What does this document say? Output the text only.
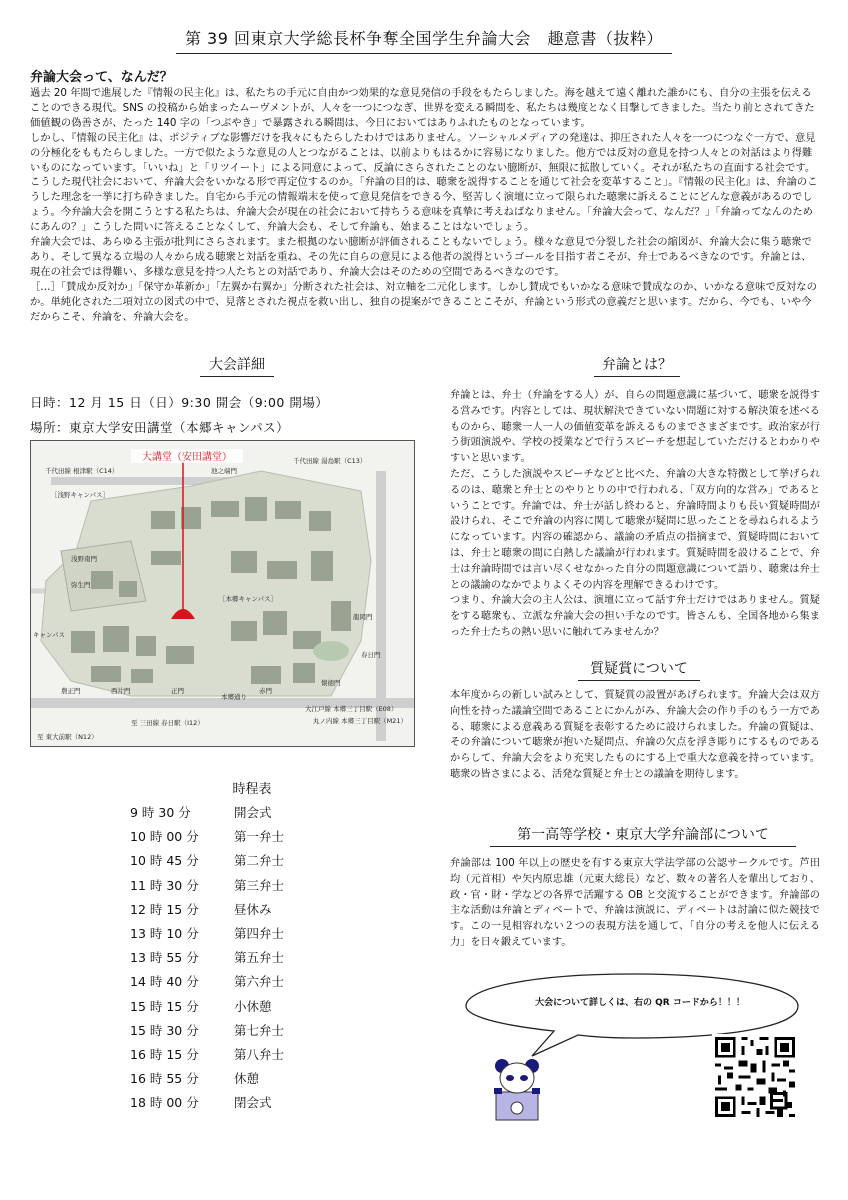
第 39 回東京大学総長杯争奪全国学生弁論大会　趣意書（抜粋）
弁論大会って、なんだ？

過去 20 年間で進展した『情報の民主化』は、私たちの手元に自由かつ効果的な意見発信の手段をもたらしました。海を越えて遠く離れた誰かにも、自分の主張を伝えることのできる現代。SNS の投稿から始まったムーヴメントが、人々を一つにつなぎ、世界を変える瞬間を、私たちは幾度となく目撃してきました。当たり前とされてきた価値観の偽善さが、たった 140 字の「つぶやき」で暴露される瞬間は、今日においてはありふれたものとなっています。

しかし、『情報の民主化』は、ポジティブな影響だけを我々にもたらしたわけではありません。ソーシャルメディアの発達は、抑圧された人々を一つにつなぐ一方で、意見の分極化をももたらしました。一方で似たような意見の人とつながることは、以前よりもはるかに容易になりました。他方では反対の意見を持つ人々との対話はより得難いものになっています。「いいね」と「リツイート」による同意によって、反論にさらされたことのない臆断が、無限に拡散していく。それが私たちの直面する社会です。

こうした現代社会において、弁論大会をいかなる形で再定位するのか。「弁論の目的は、聴衆を説得することを通じて社会を変革すること」。『情報の民主化』は、弁論のこうした理念を一挙に打ち砕きました。自宅から手元の情報端末を使って意見発信をできる今、堅苦しく演壇に立って限られた聴衆に訴えることにどんな意義があるのでしょう。今弁論大会を開こうとする私たちは、弁論大会が現在の社会において持ちうる意味を真摯に考えねばなりません。「弁論大会って、なんだ？」「弁論ってなんのためにあんの？」こうした問いに答えることなくして、弁論大会も、そして弁論も、始まることはないでしょう。

弁論大会では、あらゆる主張が批判にさらされます。また根拠のない臆断が評価されることもないでしょう。様々な意見で分裂した社会の縮図が、弁論大会に集う聴衆であり、そして異なる立場の人々から成る聴衆と対話を重ね、その先に自らの意見による他者の説得というゴールを目指す者こそが、弁士であるべきなのです。弁論とは、現在の社会では得難い、多様な意見を持つ人たちとの対話であり、弁論大会はそのための空間であるべきなのです。

［…］「賛成か反対か」「保守か革新か」「左翼か右翼か」分断された社会は、対立軸を二元化します。しかし賛成でもいかなる意味で賛成なのか、いかなる意味で反対なのか。単純化された二項対立の図式の中で、見落とされた視点を救い出し、独自の提案ができることこそが、弁論という形式の意義だと思います。だから、今でも、いや今だからこそ、弁論を、弁論大会を。

大会詳細
日時：12 月 15 日（日）9:30 開会（9:00 開場）
場所：東京大学安田講堂（本郷キャンパス）
大講堂（安田講堂）
千代田線 根津駅（C14）
千代田線 湯島駅（C13）
［浅野キャンパス］
池之端門
浅野南門
弥生門
［本郷キャンパス］
龍岡門
春日門
懐徳門
農正門	西片門	正門
本郷通り
赤門
大江戸線 本郷三丁目駅（E08）
丸ノ内線 本郷三丁目駅（M21）
至 三田線 春日駅（I12）
至 東大前駅（N12）
キャンパス
時程表
9 時 30 分	開会式
10 時 00 分	第一弁士
10 時 45 分	第二弁士
11 時 30 分	第三弁士
12 時 15 分	昼休み
13 時 10 分	第四弁士
13 時 55 分	第五弁士
14 時 40 分	第六弁士
15 時 15 分	小休憩
15 時 30 分	第七弁士
16 時 15 分	第八弁士
16 時 55 分	休憩
18 時 00 分	閉会式
弁論とは？

弁論とは、弁士（弁論をする人）が、自らの問題意識に基づいて、聴衆を説得する営みです。内容としては、現状解決できていない問題に対する解決策を述べるものから、聴衆一人一人の価値変革を訴えるものまでさまざまです。政治家が行う街頭演説や、学校の授業などで行うスピーチを想起していただけるとわかりやすいと思います。

ただ、こうした演説やスピーチなどと比べた、弁論の大きな特徴として挙げられるのは、聴衆と弁士とのやりとりの中で行われる、「双方向的な営み」であるということです。弁論では、弁士が話し終わると、弁論時間よりも長い質疑時間が設けられ、そこで弁論の内容に関して聴衆が疑問に思ったことを尋ねられるようになっています。内容の確認から、議論の矛盾点の指摘まで、質疑時間においては、弁士と聴衆の間に白熱した議論が行われます。質疑時間を設けることで、弁士は弁論時間では言い尽くせなかった自分の問題意識について語り、聴衆は弁士との議論のなかでよりよくその内容を理解できるわけです。

つまり、弁論大会の主人公は、演壇に立って話す弁士だけではありません。質疑をする聴衆も、立派な弁論大会の担い手なのです。皆さんも、全国各地から集まった弁士たちの熱い思いに触れてみませんか？

質疑賞について
本年度からの新しい試みとして、質疑賞の設置があげられます。弁論大会は双方向性を持った議論空間であることにかんがみ、弁論大会の作り手のもう一方である、聴衆による意義ある質疑を表彰するために設けられました。弁論の質疑は、その弁論について聴衆が抱いた疑問点、弁論の欠点を浮き彫りにするものであるからして、弁論大会をより充実したものにする上で重大な意義を持っています。聴衆の皆さまによる、活発な質疑と弁士との議論を期待します。
第一高等学校・東京大学弁論部について
弁論部は 100 年以上の歴史を有する東京大学法学部の公認サークルです。芦田均（元首相）や矢内原忠雄（元東大総長）など、数々の著名人を輩出しており、政・官・財・学などの各界で活躍する OB と交流することができます。弁論部の主な活動は弁論とディベートで、弁論は演説に、ディベートは討論に似た競技です。この一見相容れない２つの表現方法を通して、「自分の考えを他人に伝える力」を日々鍛えています。
大会について詳しくは、右の QR コードから！！！
